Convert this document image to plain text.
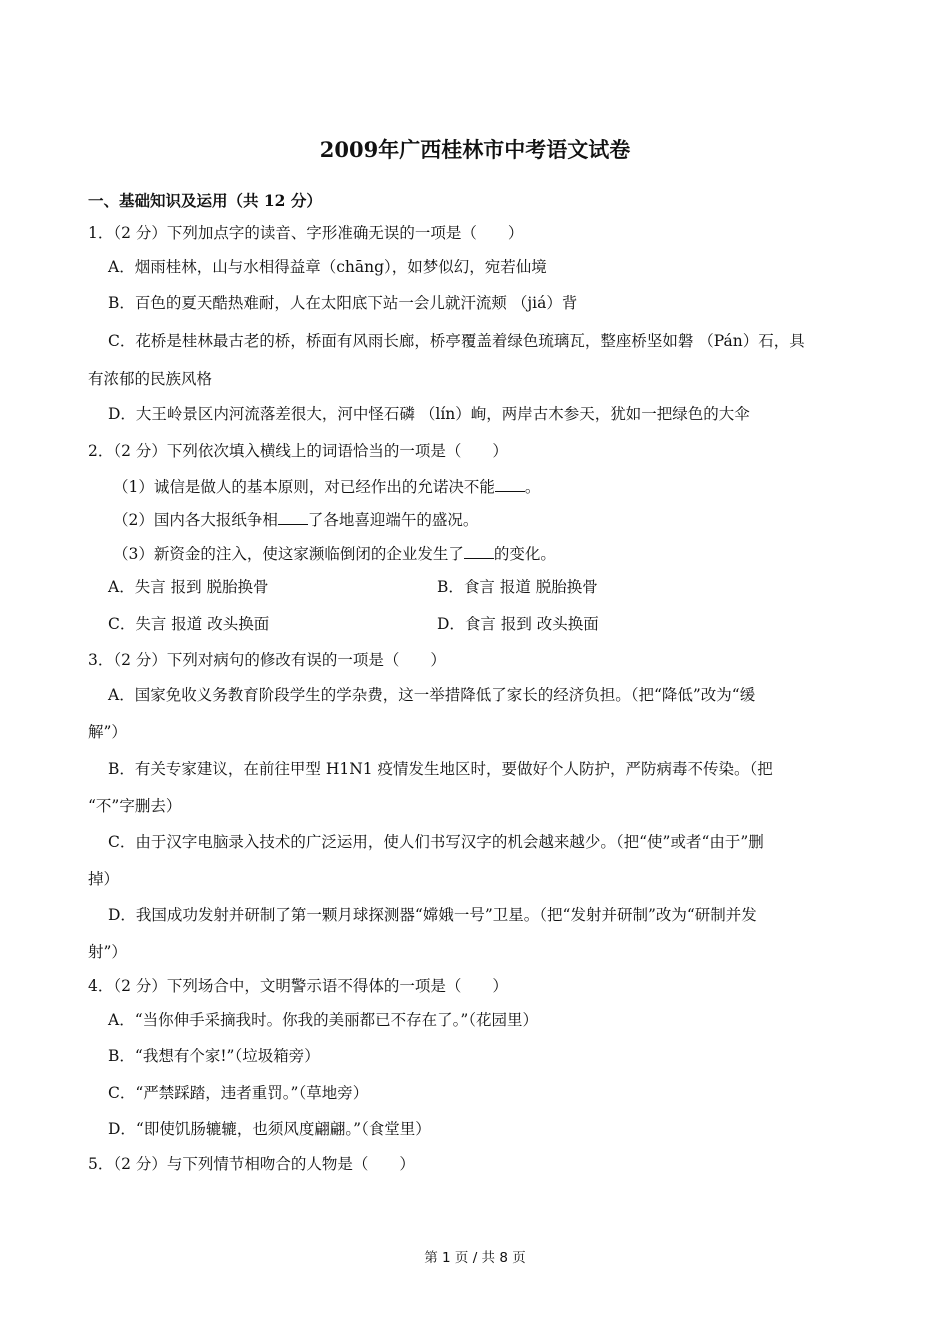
2009年广西桂林市中考语文试卷
一、基础知识及运用（共 12 分）
1．（2 分）下列加点字的读音、字形准确无误的一项是（　　）
A．烟雨桂林，山与水相得益章（chāng），如梦似幻，宛若仙境
B．百色的夏天酷热难耐，人在太阳底下站一会儿就汗流颊 （jiá）背
C．花桥是桂林最古老的桥，桥面有风雨长廊，桥亭覆盖着绿色琉璃瓦，整座桥坚如磐 （Pán）石，具
有浓郁的民族风格
D．大王岭景区内河流落差很大，河中怪石磷 （lín）峋，两岸古木参天，犹如一把绿色的大伞
2．（2 分）下列依次填入横线上的词语恰当的一项是（　　）
（1）诚信是做人的基本原则，对已经作出的允诺决不能 。
（2）国内各大报纸争相 了各地喜迎端午的盛况。
（3）新资金的注入，使这家濒临倒闭的企业发生了 的变化。
A．失言 报到 脱胎换骨	B．食言 报道 脱胎换骨
C．失言 报道 改头换面	D．食言 报到 改头换面
3．（2 分）下列对病句的修改有误的一项是（　　）
A．国家免收义务教育阶段学生的学杂费，这一举措降低了家长的经济负担。（把“降低”改为“缓
解”）
B．有关专家建议，在前往甲型 H1N1 疫情发生地区时，要做好个人防护，严防病毒不传染。（把
“不”字删去）
C．由于汉字电脑录入技术的广泛运用，使人们书写汉字的机会越来越少。（把“使”或者“由于”删
掉）
D．我国成功发射并研制了第一颗月球探测器“嫦娥一号”卫星。（把“发射并研制”改为“研制并发
射”）
4．（2 分）下列场合中，文明警示语不得体的一项是（　　）
A．“当你伸手采摘我时。你我的美丽都已不存在了。”（花园里）
B．“我想有个家!”（垃圾箱旁）
C．“严禁踩踏，违者重罚。”（草地旁）
D．“即使饥肠辘辘，也须风度翩翩。”（食堂里）
5．（2 分）与下列情节相吻合的人物是（　　）
第 1 页 / 共 8 页
